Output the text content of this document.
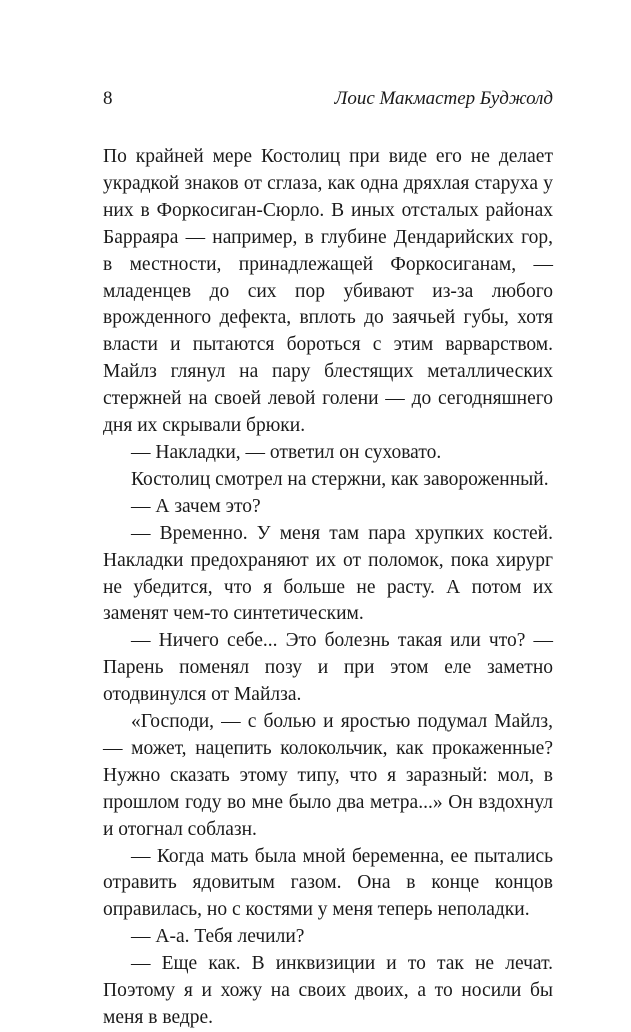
8	Лоис Макмастер Буджолд

По крайней мере Костолиц при виде его не делает украдкой знаков от сглаза, как одна дряхлая старуха у них в Форкосиган-Сюрло. В иных отсталых районах Барраяра — например, в глубине Дендарийских гор, в местности, принадлежащей Форкосиганам, — младенцев до сих пор убивают из-за любого врожденного дефекта, вплоть до заячьей губы, хотя власти и пытаются бороться с этим варварством. Майлз глянул на пару блестящих металлических стержней на своей левой голени — до сегодняшнего дня их скрывали брюки.

— Накладки, — ответил он суховато.

Костолиц смотрел на стержни, как завороженный.

— А зачем это?

— Временно. У меня там пара хрупких костей. Накладки предохраняют их от поломок, пока хирург не убедится, что я больше не расту. А потом их заменят чем-то синтетическим.

— Ничего себе... Это болезнь такая или что? — Парень поменял позу и при этом еле заметно отодвинулся от Майлза.

«Господи, — с болью и яростью подумал Майлз, — может, нацепить колокольчик, как прокаженные? Нужно сказать этому типу, что я заразный: мол, в прошлом году во мне было два метра...» Он вздохнул и отогнал соблазн.

— Когда мать была мной беременна, ее пытались отравить ядовитым газом. Она в конце концов оправилась, но с костями у меня теперь неполадки.

— А-а. Тебя лечили?

— Еще как. В инквизиции и то так не лечат. Поэтому я и хожу на своих двоих, а то носили бы меня в ведре.
